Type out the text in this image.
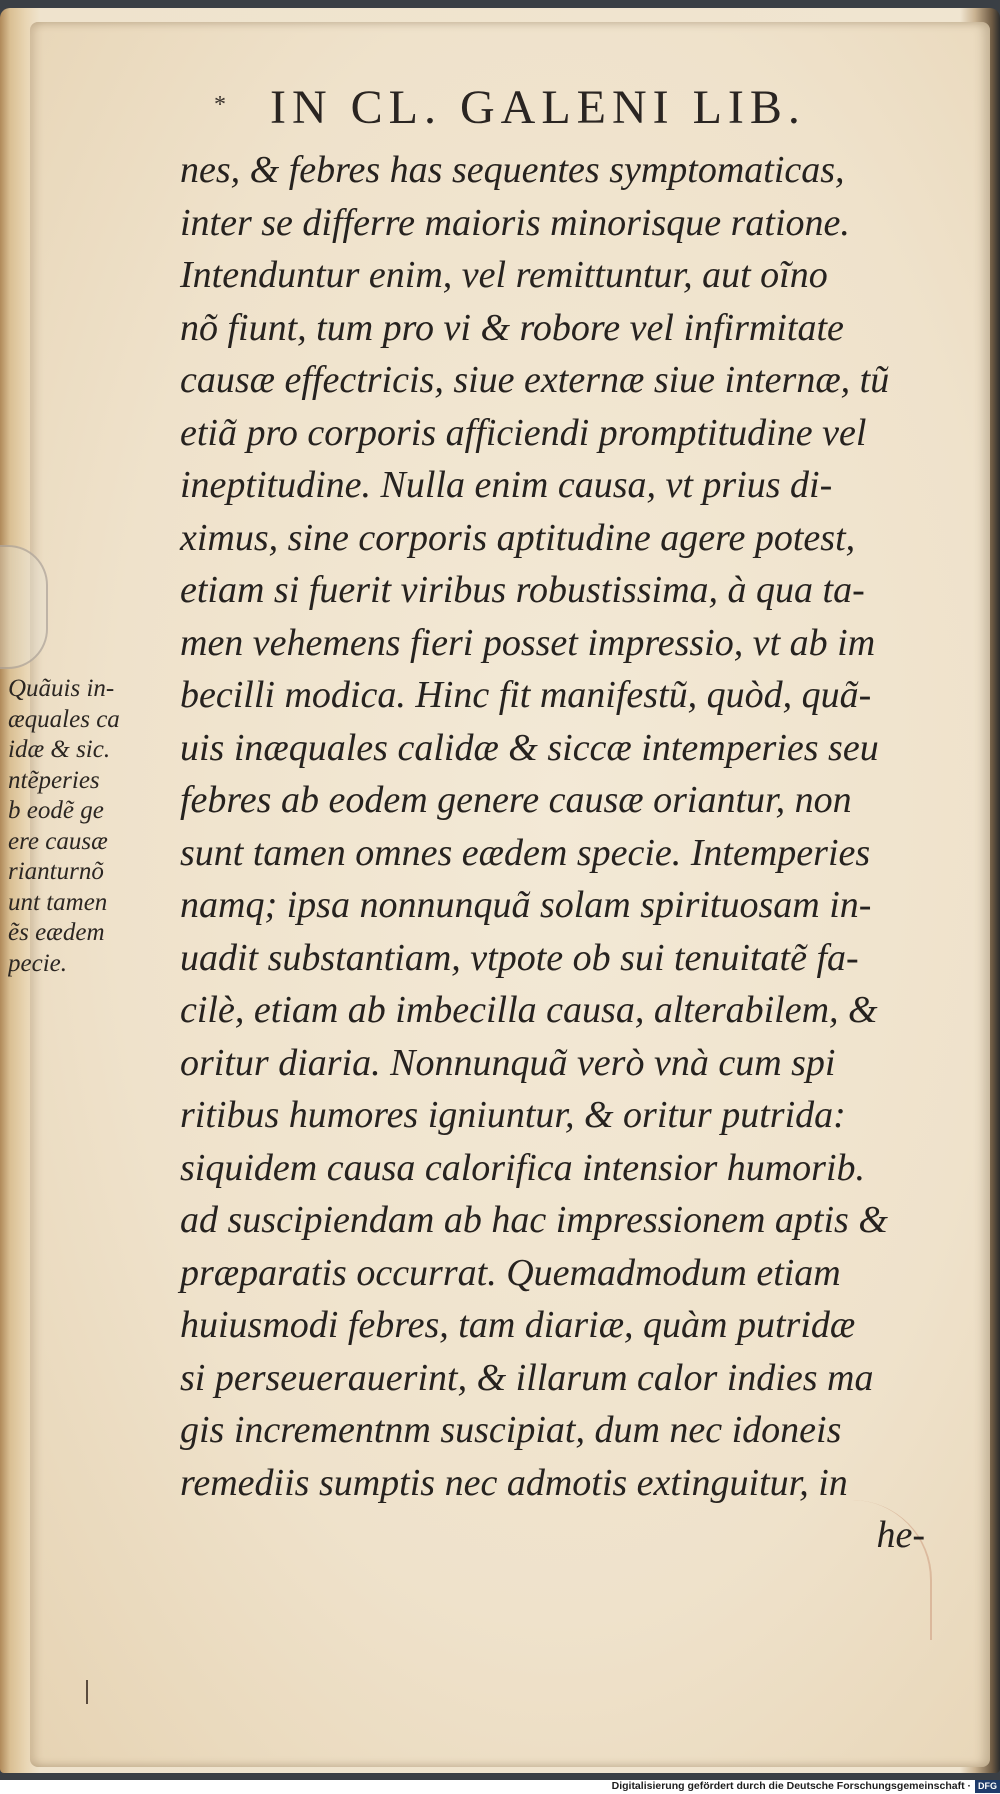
* IN CL. GALENI LIB.
nes, & febres has sequentes symptomaticas,
inter se differre maioris minorisque ratione.
Intenduntur enim, vel remittuntur, aut oĩno
nõ fiunt, tum pro vi & robore vel infirmitate
causæ effectricis, siue externæ siue internæ, tũ
etiã pro corporis afficiendi promptitudine vel
ineptitudine. Nulla enim causa, vt prius di-
ximus, sine corporis aptitudine agere potest,
etiam si fuerit viribus robustissima, à qua ta-
men vehemens fieri posset impressio, vt ab im
becilli modica. Hinc fit manifestũ, quòd, quã-
uis inæquales calidæ & siccæ intemperies seu
febres ab eodem genere causæ oriantur, non
sunt tamen omnes eædem specie. Intemperies
namq; ipsa nonnunquã solam spirituosam in-
uadit substantiam, vtpote ob sui tenuitatẽ fa-
cilè, etiam ab imbecilla causa, alterabilem, &
oritur diaria. Nonnunquã verò vnà cum spi
ritibus humores igniuntur, & oritur putrida:
siquidem causa calorifica intensior humorib.
ad suscipiendam ab hac impressionem aptis &
præparatis occurrat. Quemadmodum etiam
huiusmodi febres, tam diariæ, quàm putridæ
si perseuerauerint, & illarum calor indies ma
gis incrementnm suscipiat, dum nec idoneis
remediis sumptis nec admotis extinguitur, in
he-
Quãuis in-
æquales ca
idæ & sic.
ntẽperies
b eodẽ ge
ere causæ
rianturnõ
unt tamen
ẽs eædem
pecie.
Digitalisierung gefördert durch die Deutsche Forschungsgemeinschaft · DFG
